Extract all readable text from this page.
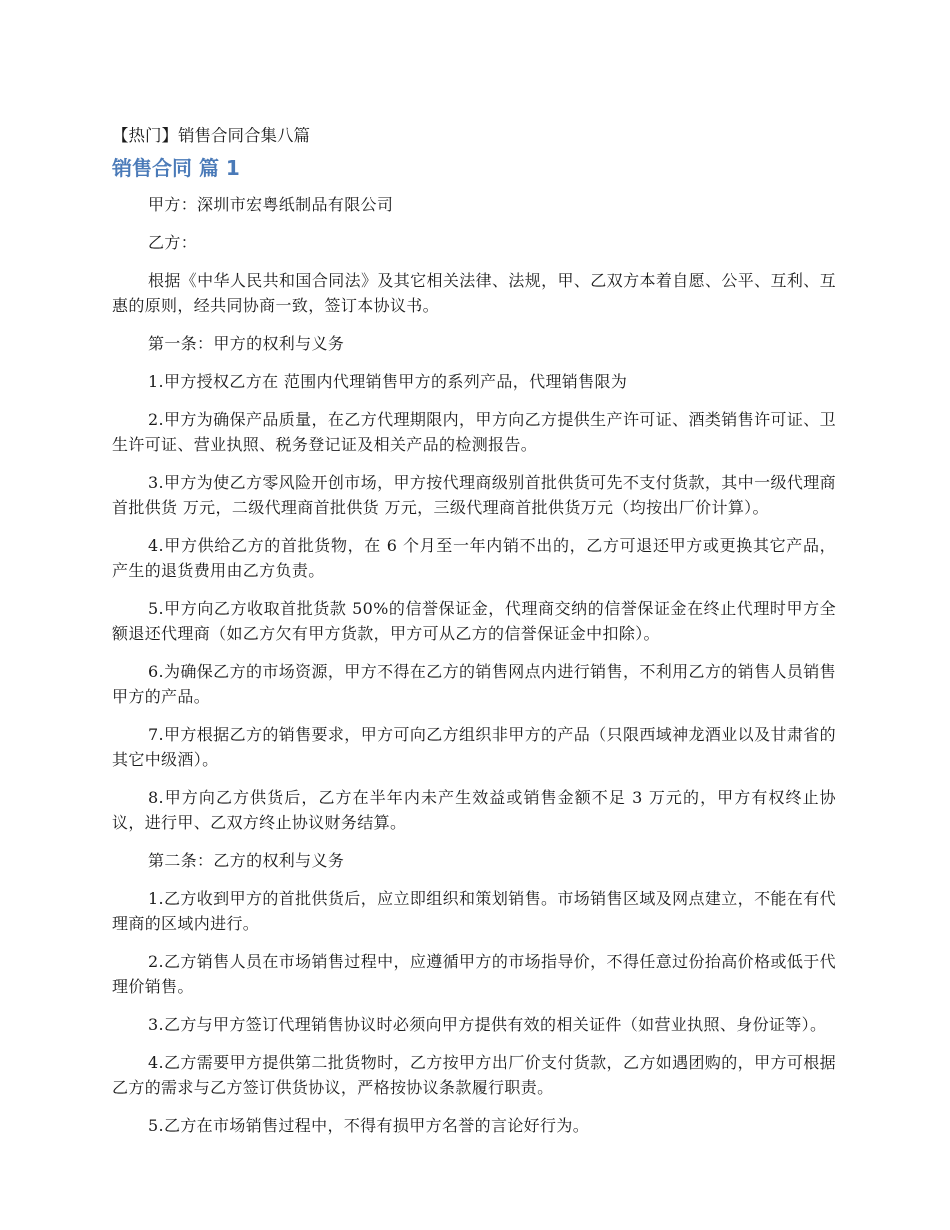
【热门】销售合同合集八篇
销售合同 篇 1

甲方：深圳市宏粤纸制品有限公司

乙方：

根据《中华人民共和国合同法》及其它相关法律、法规，甲、乙双方本着自愿、公平、互利、互惠的原则，经共同协商一致，签订本协议书。

第一条：甲方的权利与义务

1.甲方授权乙方在 范围内代理销售甲方的系列产品，代理销售限为

2.甲方为确保产品质量，在乙方代理期限内，甲方向乙方提供生产许可证、酒类销售许可证、卫生许可证、营业执照、税务登记证及相关产品的检测报告。

3.甲方为使乙方零风险开创市场，甲方按代理商级别首批供货可先不支付货款，其中一级代理商首批供货 万元，二级代理商首批供货 万元，三级代理商首批供货万元（均按出厂价计算）。

4.甲方供给乙方的首批货物，在 6 个月至一年内销不出的，乙方可退还甲方或更换其它产品，产生的退货费用由乙方负责。

5.甲方向乙方收取首批货款 50%的信誉保证金，代理商交纳的信誉保证金在终止代理时甲方全额退还代理商（如乙方欠有甲方货款，甲方可从乙方的信誉保证金中扣除）。

6.为确保乙方的市场资源，甲方不得在乙方的销售网点内进行销售，不利用乙方的销售人员销售甲方的产品。

7.甲方根据乙方的销售要求，甲方可向乙方组织非甲方的产品（只限西域神龙酒业以及甘肃省的其它中级酒）。

8.甲方向乙方供货后，乙方在半年内未产生效益或销售金额不足 3 万元的，甲方有权终止协议，进行甲、乙双方终止协议财务结算。

第二条：乙方的权利与义务

1.乙方收到甲方的首批供货后，应立即组织和策划销售。市场销售区域及网点建立，不能在有代理商的区域内进行。

2.乙方销售人员在市场销售过程中，应遵循甲方的市场指导价，不得任意过份抬高价格或低于代理价销售。

3.乙方与甲方签订代理销售协议时必须向甲方提供有效的相关证件（如营业执照、身份证等）。

4.乙方需要甲方提供第二批货物时，乙方按甲方出厂价支付货款，乙方如遇团购的，甲方可根据乙方的需求与乙方签订供货协议，严格按协议条款履行职责。

5.乙方在市场销售过程中，不得有损甲方名誉的言论好行为。
